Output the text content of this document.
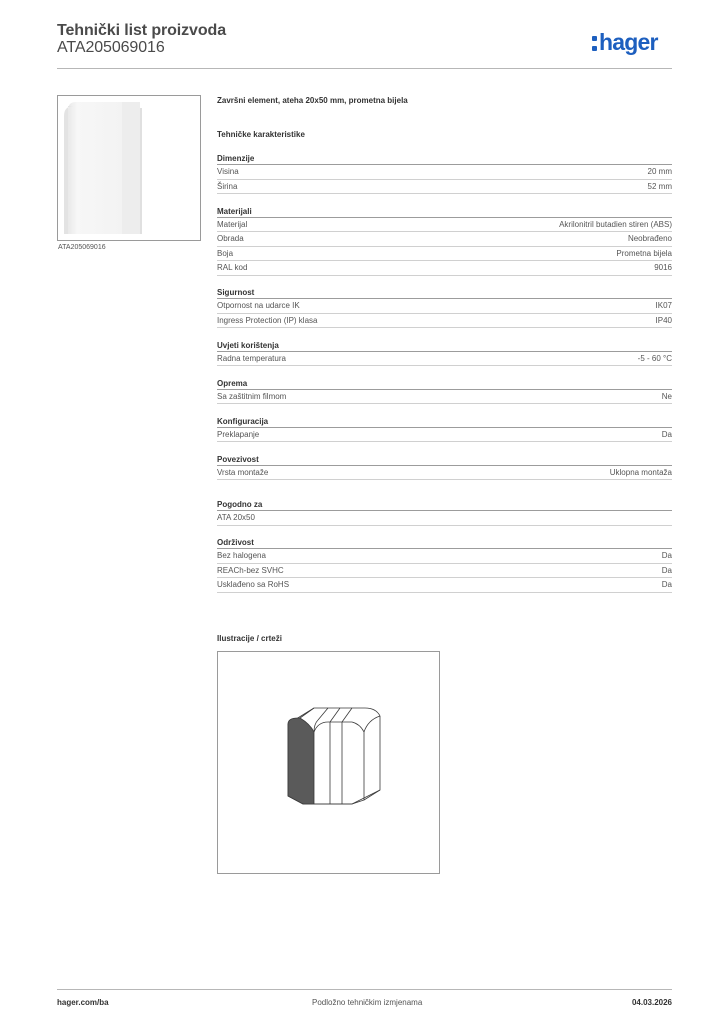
Tehnički list proizvoda
ATA205069016	hager
ATA205069016
Završni element, ateha 20x50 mm, prometna bijela
Tehničke karakteristike
Dimenzije
Visina	20 mm
Širina	52 mm
Materijali
Materijal	Akrilonitril butadien stiren (ABS)
Obrada	Neobrađeno
Boja	Prometna bijela
RAL kod	9016
Sigurnost
Otpornost na udarce IK	IK07
Ingress Protection (IP) klasa	IP40
Uvjeti korištenja
Radna temperatura	-5 - 60 °C
Oprema
Sa zaštitnim filmom	Ne
Konfiguracija
Preklapanje	Da
Povezivost
Vrsta montaže	Uklopna montaža
Pogodno za
ATA 20x50
Održivost
Bez halogena	Da
REACh-bez SVHC	Da
Usklađeno sa RoHS	Da
Ilustracije / crteži
hager.com/ba	Podložno tehničkim izmjenama	04.03.2026
